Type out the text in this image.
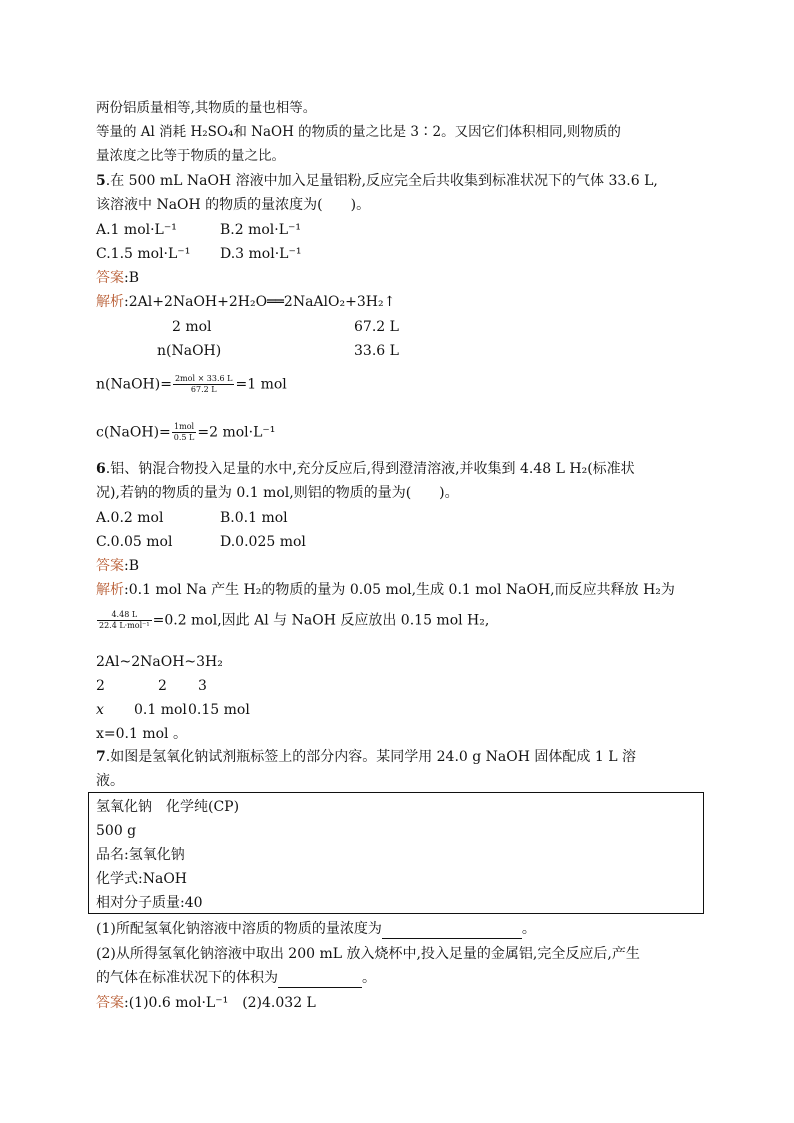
两份铝质量相等,其物质的量也相等。
等量的 Al 消耗 H₂SO₄和 NaOH 的物质的量之比是 3∶2。又因它们体积相同,则物质的
量浓度之比等于物质的量之比。
5.在 500 mL NaOH 溶液中加入足量铝粉,反应完全后共收集到标准状况下的气体 33.6 L,
该溶液中 NaOH 的物质的量浓度为(　　)。
A.1 mol·L⁻¹	B.2 mol·L⁻¹
C.1.5 mol·L⁻¹ D.3 mol·L⁻¹
答案:B
解析:2Al+2NaOH+2H₂O══2NaAlO₂+3H₂↑
2 mol	67.2 L
n(NaOH)	33.6 L
n(NaOH)= $\frac{\text{2mol × 33.6 L}}{67.2 L} =1$ mol
c(NaOH)= $\frac{\text{1mol}}{0.5 L} =2$ mol·L⁻¹
6.铝、钠混合物投入足量的水中,充分反应后,得到澄清溶液,并收集到 4.48 L H₂(标准状
况),若钠的物质的量为 0.1 mol,则铝的物质的量为(　　)。
A.0.2 mol	B.0.1 mol
C.0.05 mol	D.0.025 mol
答案:B
解析:0.1 mol Na 产生 H₂的物质的量为 0.05 mol,生成 0.1 mol NaOH,而反应共释放 H₂为
$\frac{4.48 L}{\text{22.4 L·mol⁻¹}} =0.2$ mol,因此 Al 与 NaOH 反应放出 0.15 mol H₂,
2Al~2NaOH~3H₂
2	2 3
x 0.1 mol 0.15 mol
x=0.1 mol 。
7.如图是氢氧化钠试剂瓶标签上的部分内容。某同学用 24.0 g NaOH 固体配成 1 L 溶
液。
氢氧化钠　化学纯(CP)
500 g
品名:氢氧化钠
化学式:NaOH
相对分子质量:40
(1)所配氢氧化钠溶液中溶质的物质的量浓度为	。
(2)从所得氢氧化钠溶液中取出 200 mL 放入烧杯中,投入足量的金属铝,完全反应后,产生
的气体在标准状况下的体积为	。
答案:(1)0.6 mol·L⁻¹　(2)4.032 L
